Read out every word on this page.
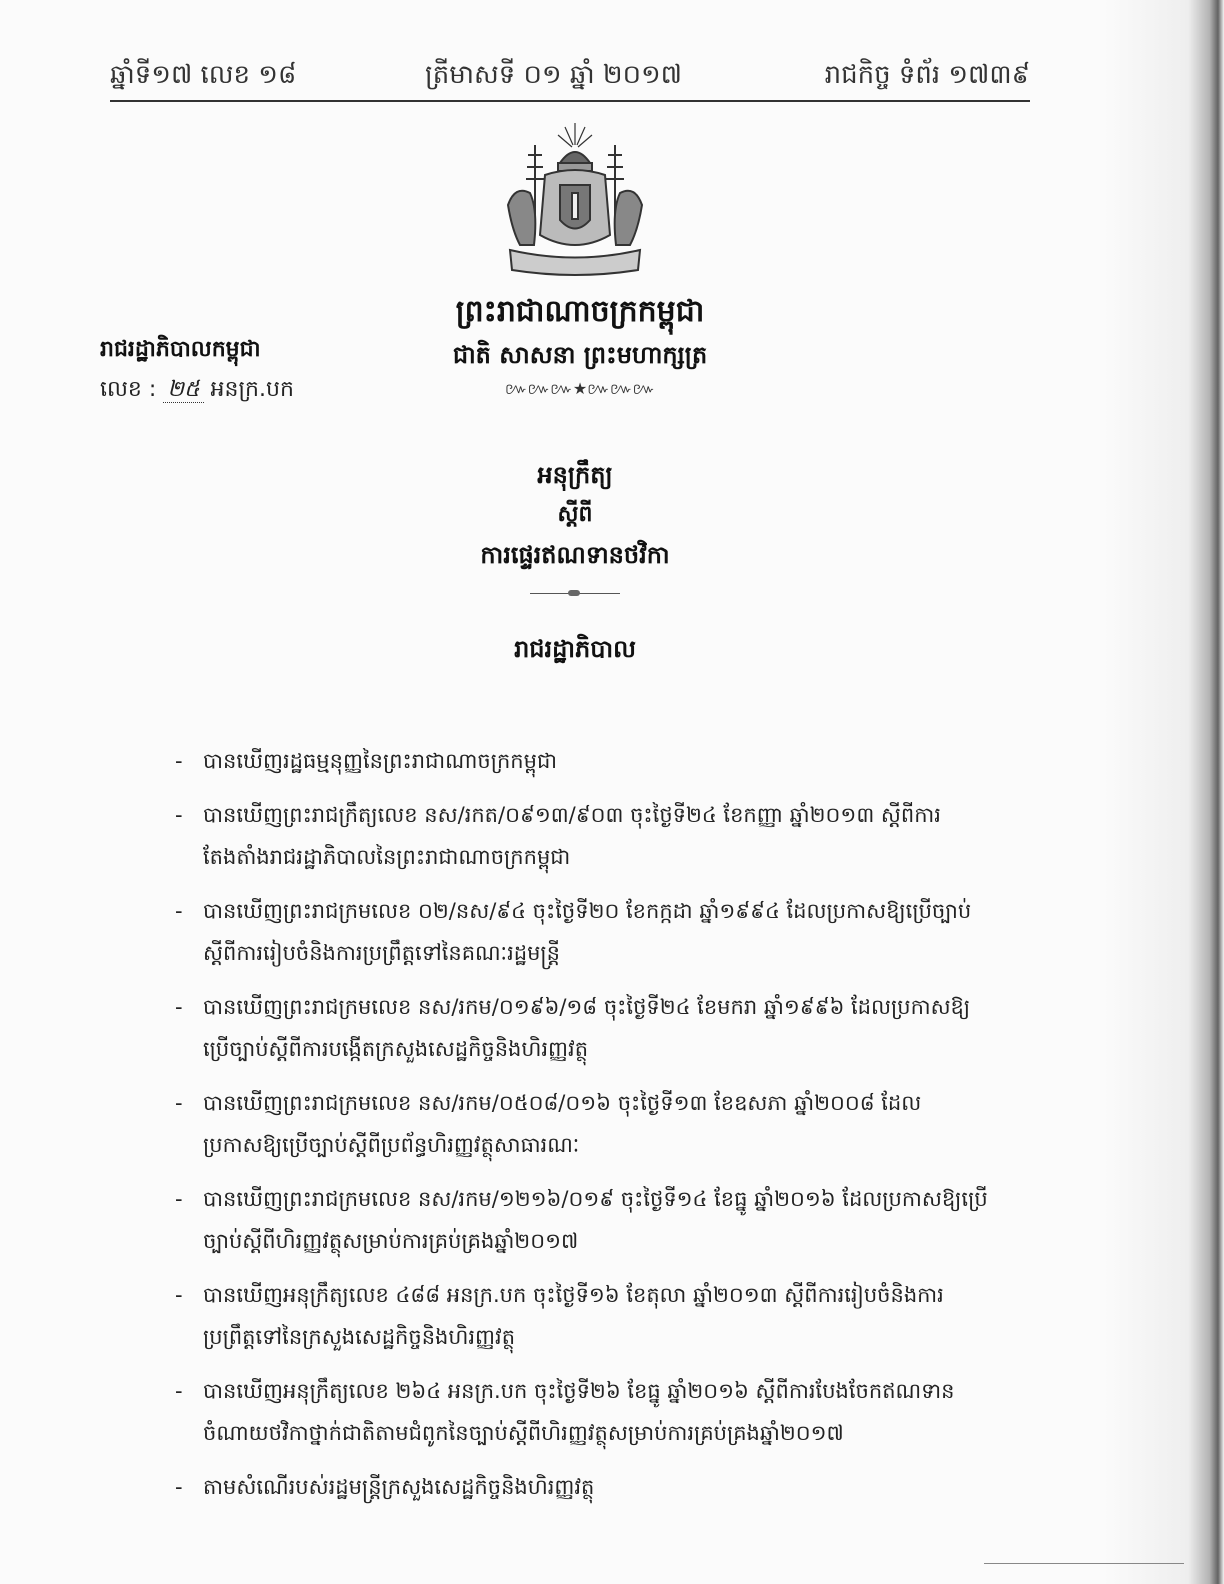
ឆ្នាំទី១៧ លេខ ១៨	ត្រីមាសទី ០១ ឆ្នាំ ២០១៧	រាជកិច្ច ទំព័រ ១៧៣៩
ព្រះរាជាណាចក្រកម្ពុជា
ជាតិ សាសនា ព្រះមហាក្សត្រ
៚៚៚★៚៚៚
រាជរដ្ឋាភិបាលកម្ពុជា
លេខ : ២៥ អនក្រ.បក
អនុក្រឹត្យ
ស្តីពី
ការផ្ទេរឥណទានថវិកា
រាជរដ្ឋាភិបាល
- បានឃើញរដ្ឋធម្មនុញ្ញនៃព្រះរាជាណាចក្រកម្ពុជា
- បានឃើញព្រះរាជក្រឹត្យលេខ នស/រកត/០៩១៣/៩០៣ ចុះថ្ងៃទី២៤ ខែកញ្ញា ឆ្នាំ២០១៣ ស្តីពីការតែងតាំងរាជរដ្ឋាភិបាលនៃព្រះរាជាណាចក្រកម្ពុជា
- បានឃើញព្រះរាជក្រមលេខ ០២/នស/៩៤ ចុះថ្ងៃទី២០ ខែកក្កដា ឆ្នាំ១៩៩៤ ដែលប្រកាសឱ្យប្រើច្បាប់ស្តីពីការរៀបចំនិងការប្រព្រឹត្តទៅនៃគណៈរដ្ឋមន្ត្រី
- បានឃើញព្រះរាជក្រមលេខ នស/រកម/០១៩៦/១៨ ចុះថ្ងៃទី២៤ ខែមករា ឆ្នាំ១៩៩៦ ដែលប្រកាសឱ្យប្រើច្បាប់ស្តីពីការបង្កើតក្រសួងសេដ្ឋកិច្ចនិងហិរញ្ញវត្ថុ
- បានឃើញព្រះរាជក្រមលេខ នស/រកម/០៥០៨/០១៦ ចុះថ្ងៃទី១៣ ខែឧសភា ឆ្នាំ២០០៨ ដែលប្រកាសឱ្យប្រើច្បាប់ស្តីពីប្រព័ន្ធហិរញ្ញវត្ថុសាធារណៈ
- បានឃើញព្រះរាជក្រមលេខ នស/រកម/១២១៦/០១៩ ចុះថ្ងៃទី១៤ ខែធ្នូ ឆ្នាំ២០១៦ ដែលប្រកាសឱ្យប្រើច្បាប់ស្តីពីហិរញ្ញវត្ថុសម្រាប់ការគ្រប់គ្រងឆ្នាំ២០១៧
- បានឃើញអនុក្រឹត្យលេខ ៤៨៨ អនក្រ.បក ចុះថ្ងៃទី១៦ ខែតុលា ឆ្នាំ២០១៣ ស្តីពីការរៀបចំនិងការប្រព្រឹត្តទៅនៃក្រសួងសេដ្ឋកិច្ចនិងហិរញ្ញវត្ថុ
- បានឃើញអនុក្រឹត្យលេខ ២៦៤ អនក្រ.បក ចុះថ្ងៃទី២៦ ខែធ្នូ ឆ្នាំ២០១៦ ស្តីពីការបែងចែកឥណទានចំណាយថវិកាថ្នាក់ជាតិតាមជំពូកនៃច្បាប់ស្តីពីហិរញ្ញវត្ថុសម្រាប់ការគ្រប់គ្រងឆ្នាំ២០១៧
- តាមសំណើរបស់រដ្ឋមន្ត្រីក្រសួងសេដ្ឋកិច្ចនិងហិរញ្ញវត្ថុ
